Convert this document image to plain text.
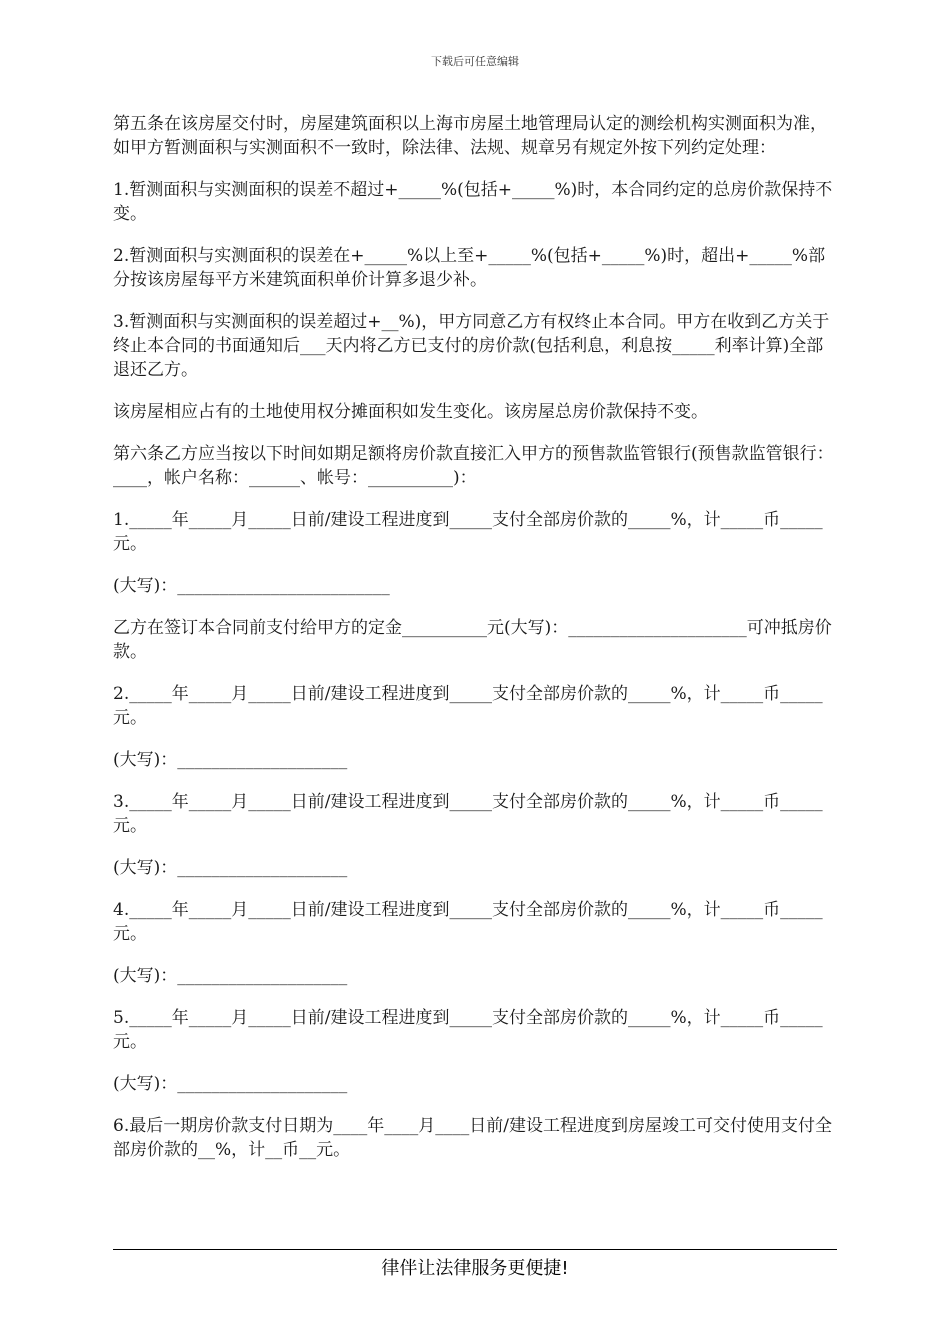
下载后可任意编辑

第五条在该房屋交付时，房屋建筑面积以上海市房屋土地管理局认定的测绘机构实测面积为准，如甲方暂测面积与实测面积不一致时，除法律、法规、规章另有规定外按下列约定处理：

1.暂测面积与实测面积的误差不超过+_____%(包括+_____%)时，本合同约定的总房价款保持不变。

2.暂测面积与实测面积的误差在+_____%以上至+_____%(包括+_____%)时，超出+_____%部分按该房屋每平方米建筑面积单价计算多退少补。

3.暂测面积与实测面积的误差超过+__%)，甲方同意乙方有权终止本合同。甲方在收到乙方关于终止本合同的书面通知后___天内将乙方已支付的房价款(包括利息，利息按_____利率计算)全部退还乙方。

该房屋相应占有的土地使用权分摊面积如发生变化。该房屋总房价款保持不变。

第六条乙方应当按以下时间如期足额将房价款直接汇入甲方的预售款监管银行(预售款监管银行：____，帐户名称：______、帐号：__________)：

1._____年_____月_____日前/建设工程进度到_____支付全部房价款的_____%，计_____币_____元。

(大写)：_________________________

乙方在签订本合同前支付给甲方的定金__________元(大写)：_____________________可冲抵房价款。

2._____年_____月_____日前/建设工程进度到_____支付全部房价款的_____%，计_____币_____元。

(大写)：____________________

3._____年_____月_____日前/建设工程进度到_____支付全部房价款的_____%，计_____币_____元。

(大写)：____________________

4._____年_____月_____日前/建设工程进度到_____支付全部房价款的_____%，计_____币_____元。

(大写)：____________________

5._____年_____月_____日前/建设工程进度到_____支付全部房价款的_____%，计_____币_____元。

(大写)：____________________

6.最后一期房价款支付日期为____年____月____日前/建设工程进度到房屋竣工可交付使用支付全部房价款的__%，计__币__元。

律伴让法律服务更便捷!
